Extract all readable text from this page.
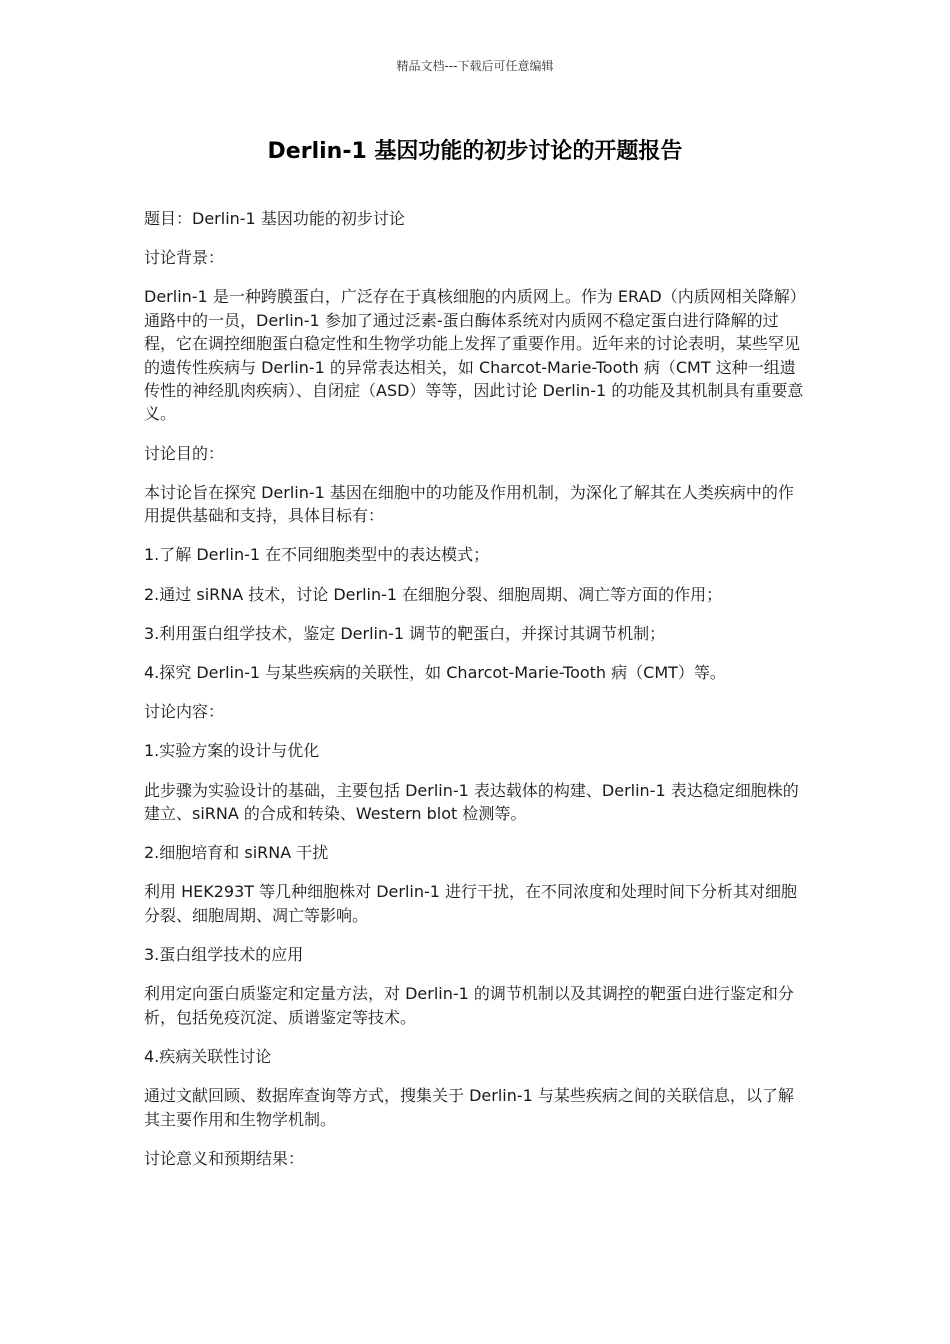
精品文档---下载后可任意编辑
Derlin-1 基因功能的初步讨论的开题报告

题目：Derlin-1 基因功能的初步讨论

讨论背景：

Derlin-1 是一种跨膜蛋白，广泛存在于真核细胞的内质网上。作为 ERAD（内质网相关降解）通路中的一员，Derlin-1 参加了通过泛素-蛋白酶体系统对内质网不稳定蛋白进行降解的过程，它在调控细胞蛋白稳定性和生物学功能上发挥了重要作用。近年来的讨论表明，某些罕见的遗传性疾病与 Derlin-1 的异常表达相关，如 Charcot-Marie-Tooth 病（CMT 这种一组遗传性的神经肌肉疾病）、自闭症（ASD）等等，因此讨论 Derlin-1 的功能及其机制具有重要意义。

讨论目的：

本讨论旨在探究 Derlin-1 基因在细胞中的功能及作用机制，为深化了解其在人类疾病中的作用提供基础和支持，具体目标有：

1.了解 Derlin-1 在不同细胞类型中的表达模式；

2.通过 siRNA 技术，讨论 Derlin-1 在细胞分裂、细胞周期、凋亡等方面的作用；

3.利用蛋白组学技术，鉴定 Derlin-1 调节的靶蛋白，并探讨其调节机制；

4.探究 Derlin-1 与某些疾病的关联性，如 Charcot-Marie-Tooth 病（CMT）等。

讨论内容：

1.实验方案的设计与优化

此步骤为实验设计的基础，主要包括 Derlin-1 表达载体的构建、Derlin-1 表达稳定细胞株的建立、siRNA 的合成和转染、Western blot 检测等。

2.细胞培育和 siRNA 干扰

利用 HEK293T 等几种细胞株对 Derlin-1 进行干扰，在不同浓度和处理时间下分析其对细胞分裂、细胞周期、凋亡等影响。

3.蛋白组学技术的应用

利用定向蛋白质鉴定和定量方法，对 Derlin-1 的调节机制以及其调控的靶蛋白进行鉴定和分析，包括免疫沉淀、质谱鉴定等技术。

4.疾病关联性讨论

通过文献回顾、数据库查询等方式，搜集关于 Derlin-1 与某些疾病之间的关联信息，以了解其主要作用和生物学机制。

讨论意义和预期结果：
